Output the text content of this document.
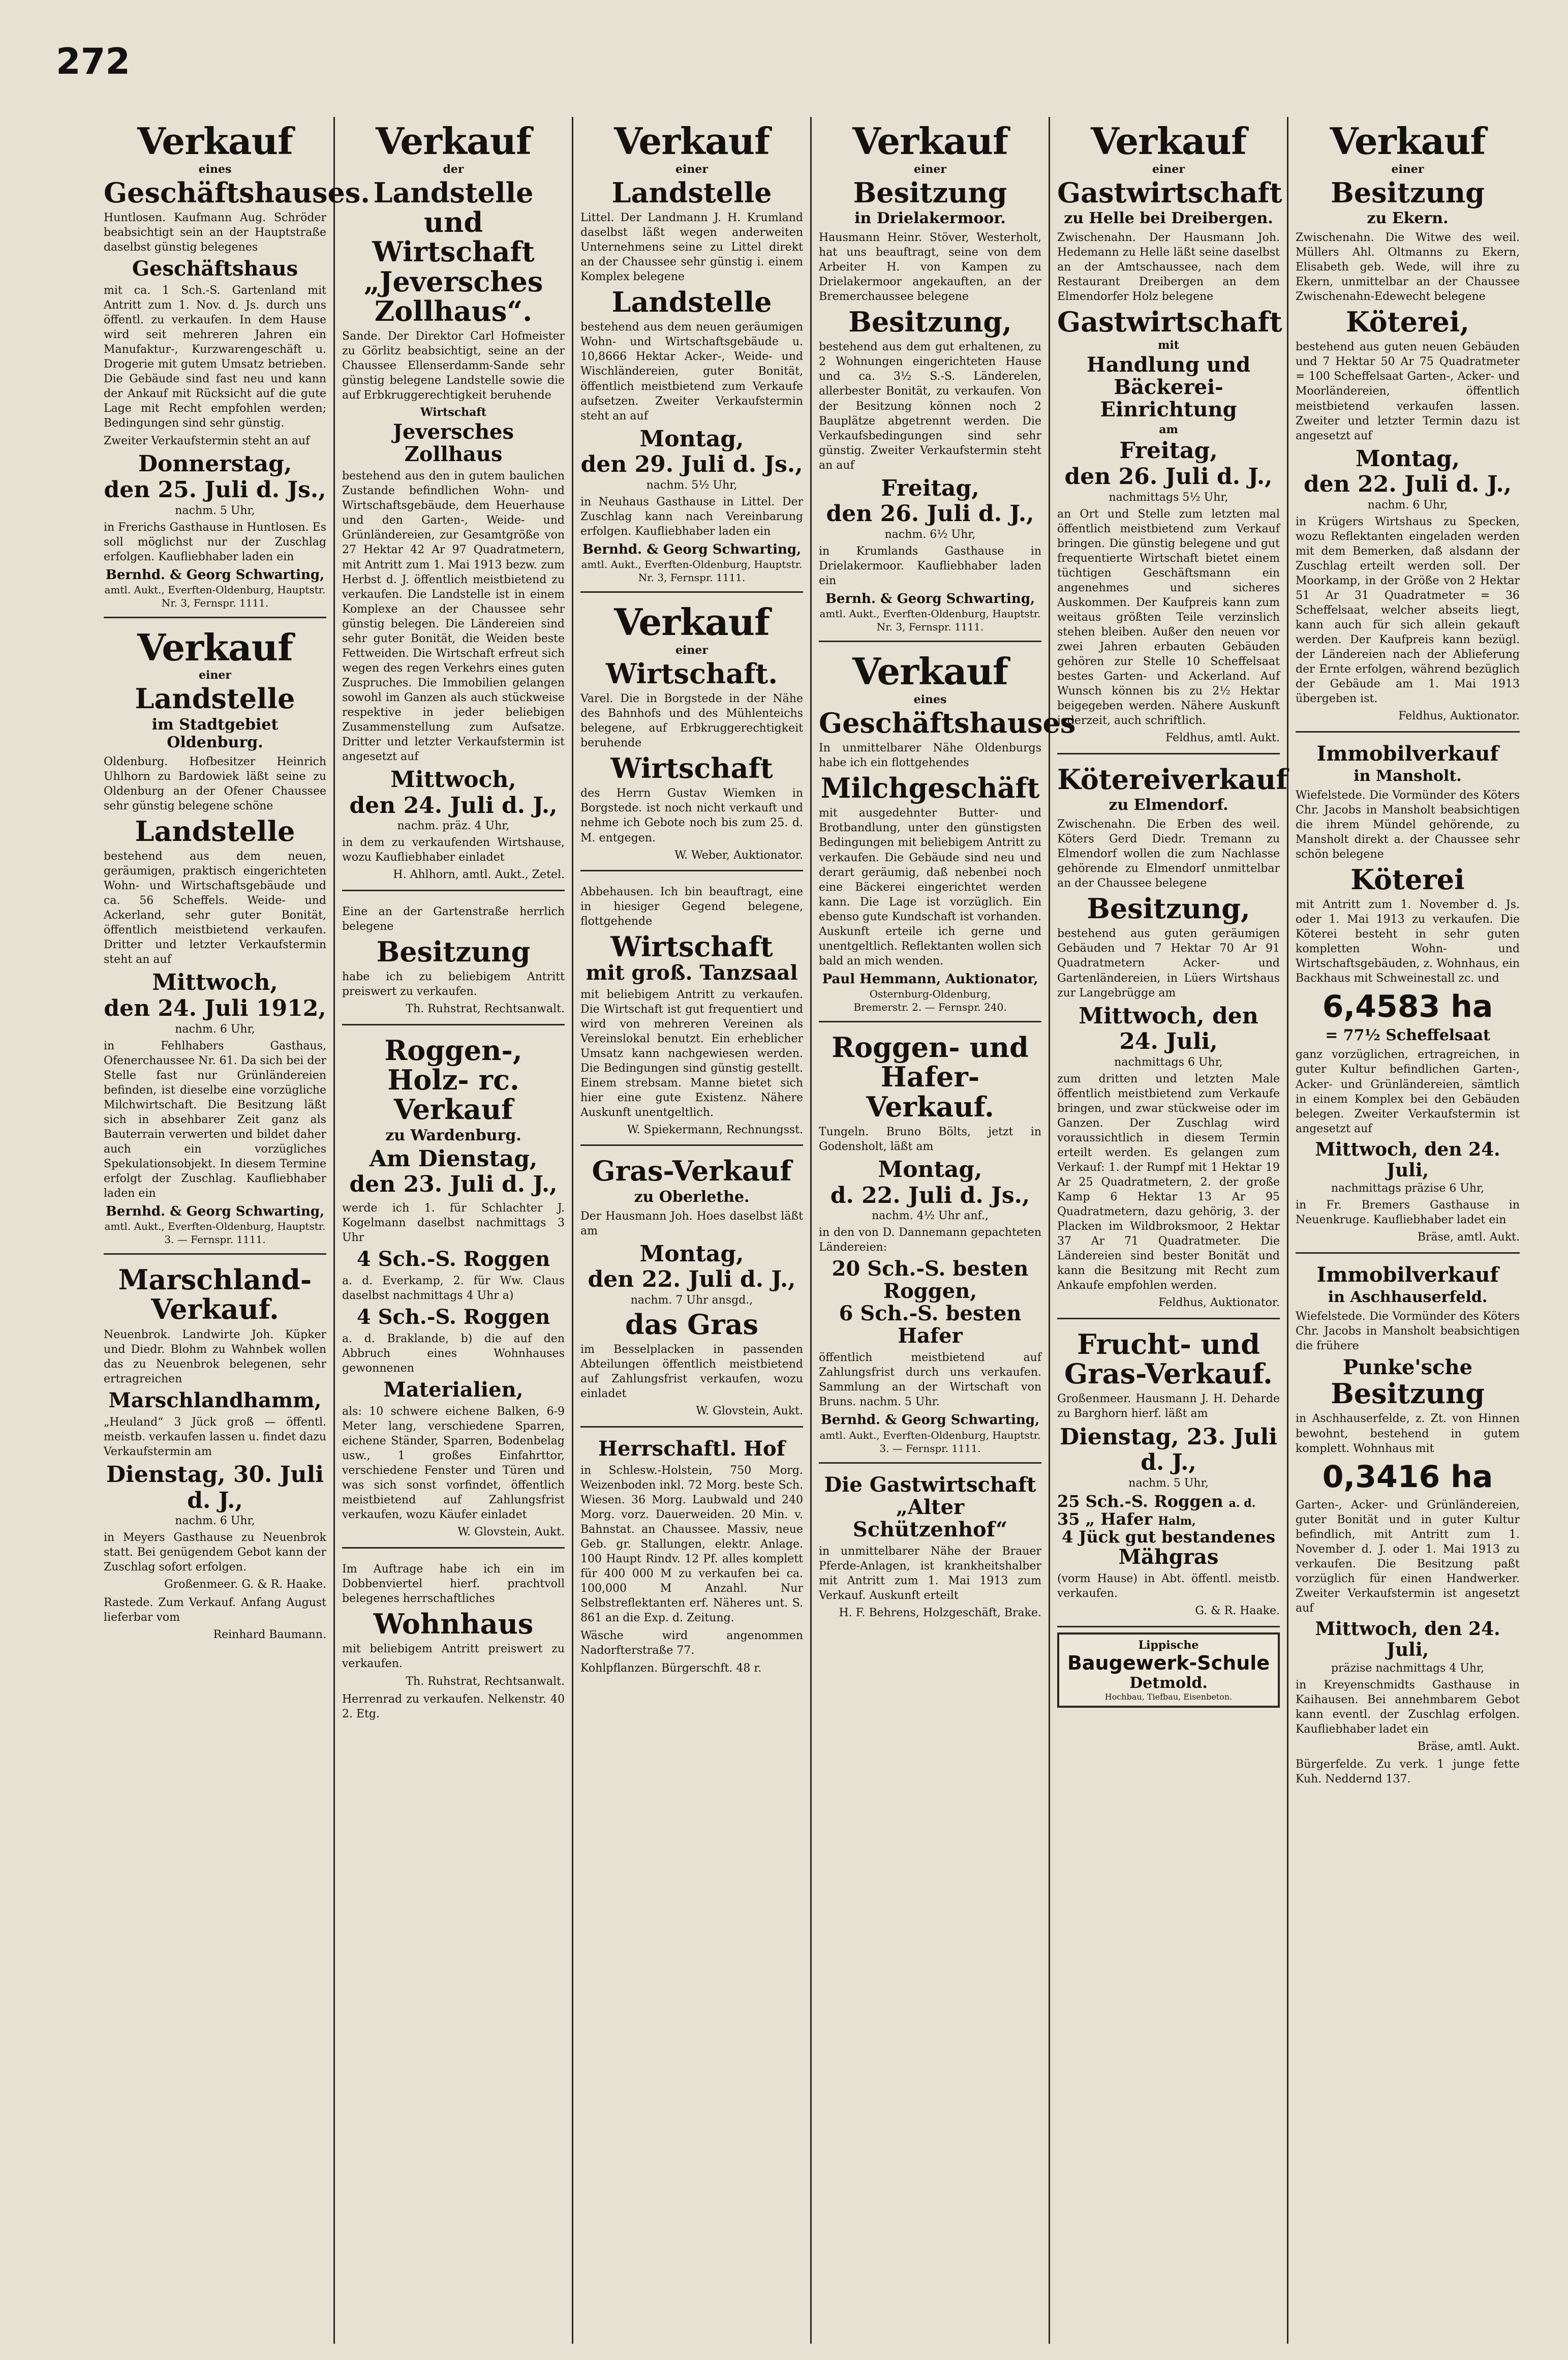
272
Verkauf
eines
Geschäftshauses.
Huntlosen. Kaufmann Aug. Schröder beabsichtigt sein an der Hauptstraße daselbst günstig belegenes
Geschäftshaus
mit ca. 1 Sch.-S. Gartenland mit Antritt zum 1. Nov. d. Js. durch uns öffentl. zu verkaufen. In dem Hause wird seit mehreren Jahren ein Manufaktur-, Kurzwarengeschäft u. Drogerie mit gutem Umsatz betrieben. Die Gebäude sind fast neu und kann der Ankauf mit Rücksicht auf die gute Lage mit Recht empfohlen werden; Bedingungen sind sehr günstig.
Zweiter Verkaufstermin steht an auf
Donnerstag,
den 25. Juli d. Js.,
nachm. 5 Uhr,
in Frerichs Gasthause in Huntlosen. Es soll möglichst nur der Zuschlag erfolgen. Kaufliebhaber laden ein
Bernhd. & Georg Schwarting,
amtl. Aukt., Everften-Oldenburg, Hauptstr. Nr. 3, Fernspr. 1111.
Verkauf
einer
Landstelle
im Stadtgebiet Oldenburg.
Oldenburg. Hofbesitzer Heinrich Uhlhorn zu Bardowiek läßt seine zu Oldenburg an der Ofener Chaussee sehr günstig belegene schöne
Landstelle
bestehend aus dem neuen, geräumigen, praktisch eingerichteten Wohn- und Wirtschaftsgebäude und ca. 56 Scheffels. Weide- und Ackerland, sehr guter Bonität, öffentlich meistbietend verkaufen. Dritter und letzter Verkaufstermin steht an auf
Mittwoch,
den 24. Juli 1912,
nachm. 6 Uhr,
in Fehlhabers Gasthaus, Ofenerchaussee Nr. 61. Da sich bei der Stelle fast nur Grünländereien befinden, ist dieselbe eine vorzügliche Milchwirtschaft. Die Besitzung läßt sich in absehbarer Zeit ganz als Bauterrain verwerten und bildet daher auch ein vorzügliches Spekulationsobjekt. In diesem Termine erfolgt der Zuschlag. Kaufliebhaber laden ein
Bernhd. & Georg Schwarting,
amtl. Aukt., Everften-Oldenburg, Hauptstr. 3. — Fernspr. 1111.
Marschland-
Verkauf.
Neuenbrok. Landwirte Joh. Küpker und Diedr. Blohm zu Wahnbek wollen das zu Neuenbrok belegenen, sehr ertragreichen
Marschlandhamm,
„Heuland“ 3 Jück groß — öffentl. meistb. verkaufen lassen u. findet dazu Verkaufstermin am
Dienstag, 30. Juli d. J.,
nachm. 6 Uhr,
in Meyers Gasthause zu Neuenbrok statt. Bei genügendem Gebot kann der Zuschlag sofort erfolgen.
Großenmeer. G. & R. Haake.
Rastede. Zum Verkauf. Anfang August lieferbar vom
Reinhard Baumann.
Verkauf
der
Landstelle und
Wirtschaft
„Jeversches
Zollhaus“.
Sande. Der Direktor Carl Hofmeister zu Görlitz beabsichtigt, seine an der Chaussee Ellenserdamm-Sande sehr günstig belegene Landstelle sowie die auf Erbkruggerechtigkeit beruhende
Wirtschaft
Jeversches Zollhaus
bestehend aus den in gutem baulichen Zustande befindlichen Wohn- und Wirtschaftsgebäude, dem Heuerhause und den Garten-, Weide- und Grünländereien, zur Gesamtgröße von 27 Hektar 42 Ar 97 Quadratmetern, mit Antritt zum 1. Mai 1913 bezw. zum Herbst d. J. öffentlich meistbietend zu verkaufen. Die Landstelle ist in einem Komplexe an der Chaussee sehr günstig belegen. Die Ländereien sind sehr guter Bonität, die Weiden beste Fettweiden. Die Wirtschaft erfreut sich wegen des regen Verkehrs eines guten Zuspruches. Die Immobilien gelangen sowohl im Ganzen als auch stückweise respektive in jeder beliebigen Zusammenstellung zum Aufsatze. Dritter und letzter Verkaufstermin ist angesetzt auf
Mittwoch,
den 24. Juli d. J.,
nachm. präz. 4 Uhr,
in dem zu verkaufenden Wirtshause, wozu Kaufliebhaber einladet
H. Ahlhorn, amtl. Aukt., Zetel.
Eine an der Gartenstraße herrlich belegene
Besitzung
habe ich zu beliebigem Antritt preiswert zu verkaufen.
Th. Ruhstrat, Rechtsanwalt.
Roggen-,
Holz- rc. Verkauf
zu Wardenburg.
Am Dienstag,
den 23. Juli d. J.,
werde ich 1. für Schlachter J. Kogelmann daselbst nachmittags 3 Uhr
4 Sch.-S. Roggen
a. d. Everkamp, 2. für Ww. Claus daselbst nachmittags 4 Uhr a)
4 Sch.-S. Roggen
a. d. Braklande, b) die auf den Abbruch eines Wohnhauses gewonnenen
Materialien,
als: 10 schwere eichene Balken, 6-9 Meter lang, verschiedene Sparren, eichene Ständer, Sparren, Bodenbelag usw., 1 großes Einfahrttor, verschiedene Fenster und Türen und was sich sonst vorfindet, öffentlich meistbietend auf Zahlungsfrist verkaufen, wozu Käufer einladet
W. Glovstein, Aukt.
Im Auftrage habe ich ein im Dobbenviertel hierf. prachtvoll belegenes herrschaftliches
Wohnhaus
mit beliebigem Antritt preiswert zu verkaufen.
Th. Ruhstrat, Rechtsanwalt.
Herrenrad zu verkaufen. Nelkenstr. 40 2. Etg.
Verkauf
einer
Landstelle
Littel. Der Landmann J. H. Krumland daselbst läßt wegen anderweiten Unternehmens seine zu Littel direkt an der Chaussee sehr günstig i. einem Komplex belegene
Landstelle
bestehend aus dem neuen geräumigen Wohn- und Wirtschaftsgebäude u. 10,8666 Hektar Acker-, Weide- und Wischländereien, guter Bonität, öffentlich meistbietend zum Verkaufe aufsetzen. Zweiter Verkaufstermin steht an auf
Montag,
den 29. Juli d. Js.,
nachm. 5½ Uhr,
in Neuhaus Gasthause in Littel. Der Zuschlag kann nach Vereinbarung erfolgen. Kaufliebhaber laden ein
Bernhd. & Georg Schwarting,
amtl. Aukt., Everften-Oldenburg, Hauptstr. Nr. 3, Fernspr. 1111.
Verkauf
einer
Wirtschaft.
Varel. Die in Borgstede in der Nähe des Bahnhofs und des Mühlenteichs belegene, auf Erbkruggerechtigkeit beruhende
Wirtschaft
des Herrn Gustav Wiemken in Borgstede. ist noch nicht verkauft und nehme ich Gebote noch bis zum 25. d. M. entgegen.
W. Weber, Auktionator.
Abbehausen. Ich bin beauftragt, eine in hiesiger Gegend belegene, flottgehende
Wirtschaft
mit groß. Tanzsaal
mit beliebigem Antritt zu verkaufen. Die Wirtschaft ist gut frequentiert und wird von mehreren Vereinen als Vereinslokal benutzt. Ein erheblicher Umsatz kann nachgewiesen werden. Die Bedingungen sind günstig gestellt. Einem strebsam. Manne bietet sich hier eine gute Existenz. Nähere Auskunft unentgeltlich.
W. Spiekermann, Rechnungsst.
Gras-Verkauf
zu Oberlethe.
Der Hausmann Joh. Hoes daselbst läßt am
Montag,
den 22. Juli d. J.,
nachm. 7 Uhr ansgd.,
das Gras
im Besselplacken in passenden Abteilungen öffentlich meistbietend auf Zahlungsfrist verkaufen, wozu einladet
W. Glovstein, Aukt.
Herrschaftl. Hof
in Schlesw.-Holstein, 750 Morg. Weizenboden inkl. 72 Morg. beste Sch. Wiesen. 36 Morg. Laubwald und 240 Morg. vorz. Dauerweiden. 20 Min. v. Bahnstat. an Chaussee. Massiv, neue Geb. gr. Stallungen, elektr. Anlage. 100 Haupt Rindv. 12 Pf. alles komplett für 400 000 M zu verkaufen bei ca. 100,000 M Anzahl. Nur Selbstreflektanten erf. Näheres unt. S. 861 an die Exp. d. Zeitung.
Wäsche wird angenommen Nadorfterstraße 77.
Kohlpflanzen. Bürgerschft. 48 r.
Verkauf
einer
Besitzung
in Drielakermoor.
Hausmann Heinr. Stöver, Westerholt, hat uns beauftragt, seine von dem Arbeiter H. von Kampen zu Drielakermoor angekauften, an der Bremerchaussee belegene
Besitzung,
bestehend aus dem gut erhaltenen, zu 2 Wohnungen eingerichteten Hause und ca. 3½ S.-S. Länderelen, allerbester Bonität, zu verkaufen. Von der Besitzung können noch 2 Bauplätze abgetrennt werden. Die Verkaufsbedingungen sind sehr günstig. Zweiter Verkaufstermin steht an auf
Freitag,
den 26. Juli d. J.,
nachm. 6½ Uhr,
in Krumlands Gasthause in Drielakermoor. Kaufliebhaber laden ein
Bernh. & Georg Schwarting,
amtl. Aukt., Everften-Oldenburg, Hauptstr. Nr. 3, Fernspr. 1111.
Verkauf
eines
Geschäftshauses
In unmittelbarer Nähe Oldenburgs habe ich ein flottgehendes
Milchgeschäft
mit ausgedehnter Butter- und Brotbandlung, unter den günstigsten Bedingungen mit beliebigem Antritt zu verkaufen. Die Gebäude sind neu und derart geräumig, daß nebenbei noch eine Bäckerei eingerichtet werden kann. Die Lage ist vorzüglich. Ein ebenso gute Kundschaft ist vorhanden. Auskunft erteile ich gerne und unentgeltlich. Reflektanten wollen sich bald an mich wenden.
Paul Hemmann, Auktionator,
Osternburg-Oldenburg,
Bremerstr. 2. — Fernspr. 240.
Roggen- und
Hafer-Verkauf.
Tungeln. Bruno Bölts, jetzt in Godensholt, läßt am
Montag,
d. 22. Juli d. Js.,
nachm. 4½ Uhr anf.,
in den von D. Dannemann gepachteten Ländereien:
20 Sch.-S. besten
Roggen,
6 Sch.-S. besten
Hafer
öffentlich meistbietend auf Zahlungsfrist durch uns verkaufen. Sammlung an der Wirtschaft von Bruns. nachm. 5 Uhr.
Bernhd. & Georg Schwarting,
amtl. Aukt., Everften-Oldenburg, Hauptstr. 3. — Fernspr. 1111.
Die Gastwirtschaft
„Alter Schützenhof“
in unmittelbarer Nähe der Brauer Pferde-Anlagen, ist krankheitshalber mit Antritt zum 1. Mai 1913 zum Verkauf. Auskunft erteilt
H. F. Behrens, Holzgeschäft, Brake.
Verkauf
einer
Gastwirtschaft
zu Helle bei Dreibergen.
Zwischenahn. Der Hausmann Joh. Hedemann zu Helle läßt seine daselbst an der Amtschaussee, nach dem Restaurant Dreibergen an dem Elmendorfer Holz belegene
Gastwirtschaft
mit
Handlung und
Bäckerei-Einrichtung
am
Freitag,
den 26. Juli d. J.,
nachmittags 5½ Uhr,
an Ort und Stelle zum letzten mal öffentlich meistbietend zum Verkauf bringen. Die günstig belegene und gut frequentierte Wirtschaft bietet einem tüchtigen Geschäftsmann ein angenehmes und sicheres Auskommen. Der Kaufpreis kann zum weitaus größten Teile verzinslich stehen bleiben. Außer den neuen vor zwei Jahren erbauten Gebäuden gehören zur Stelle 10 Scheffelsaat bestes Garten- und Ackerland. Auf Wunsch können bis zu 2½ Hektar beigegeben werden. Nähere Auskunft jederzeit, auch schriftlich.
Feldhus, amtl. Aukt.
Kötereiverkauf
zu Elmendorf.
Zwischenahn. Die Erben des weil. Köters Gerd Diedr. Tremann zu Elmendorf wollen die zum Nachlasse gehörende zu Elmendorf unmittelbar an der Chaussee belegene
Besitzung,
bestehend aus guten geräumigen Gebäuden und 7 Hektar 70 Ar 91 Quadratmetern Acker- und Gartenländereien, in Lüers Wirtshaus zur Langebrügge am
Mittwoch, den 24. Juli,
nachmittags 6 Uhr,
zum dritten und letzten Male öffentlich meistbietend zum Verkaufe bringen, und zwar stückweise oder im Ganzen. Der Zuschlag wird voraussichtlich in diesem Termin erteilt werden. Es gelangen zum Verkauf: 1. der Rumpf mit 1 Hektar 19 Ar 25 Quadratmetern, 2. der große Kamp 6 Hektar 13 Ar 95 Quadratmetern, dazu gehörig, 3. der Placken im Wildbroksmoor, 2 Hektar 37 Ar 71 Quadratmeter. Die Ländereien sind bester Bonität und kann die Besitzung mit Recht zum Ankaufe empfohlen werden.
Feldhus, Auktionator.
Frucht- und
Gras-Verkauf.
Großenmeer. Hausmann J. H. Deharde zu Barghorn hierf. läßt am
Dienstag, 23. Juli d. J.,
nachm. 5 Uhr,
25 Sch.-S. Roggen a. d.
35 „ Hafer Halm,
4 Jück gut bestandenes
Mähgras
(vorm Hause) in Abt. öffentl. meistb. verkaufen.
G. & R. Haake.
Lippische
Baugewerk-Schule
Detmold.
Hochbau, Tiefbau, Eisenbeton.
Verkauf
einer
Besitzung
zu Ekern.
Zwischenahn. Die Witwe des weil. Müllers Ahl. Oltmanns zu Ekern, Elisabeth geb. Wede, will ihre zu Ekern, unmittelbar an der Chaussee Zwischenahn-Edewecht belegene
Köterei,
bestehend aus guten neuen Gebäuden und 7 Hektar 50 Ar 75 Quadratmeter = 100 Scheffelsaat Garten-, Acker- und Moorländereien, öffentlich meistbietend verkaufen lassen. Zweiter und letzter Termin dazu ist angesetzt auf
Montag,
den 22. Juli d. J.,
nachm. 6 Uhr,
in Krügers Wirtshaus zu Specken, wozu Reflektanten eingeladen werden mit dem Bemerken, daß alsdann der Zuschlag erteilt werden soll. Der Moorkamp, in der Größe von 2 Hektar 51 Ar 31 Quadratmeter = 36 Scheffelsaat, welcher abseits liegt, kann auch für sich allein gekauft werden. Der Kaufpreis kann bezügl. der Ländereien nach der Ablieferung der Ernte erfolgen, während bezüglich der Gebäude am 1. Mai 1913 übergeben ist.
Feldhus, Auktionator.
Immobilverkauf
in Mansholt.
Wiefelstede. Die Vormünder des Köters Chr. Jacobs in Mansholt beabsichtigen die ihrem Mündel gehörende, zu Mansholt direkt a. der Chaussee sehr schön belegene
Köterei
mit Antritt zum 1. November d. Js. oder 1. Mai 1913 zu verkaufen. Die Köterei besteht in sehr guten kompletten Wohn- und Wirtschaftsgebäuden, z. Wohnhaus, ein Backhaus mit Schweinestall zc. und
6,4583 ha
= 77½ Scheffelsaat
ganz vorzüglichen, ertragreichen, in guter Kultur befindlichen Garten-, Acker- und Grünländereien, sämtlich in einem Komplex bei den Gebäuden belegen. Zweiter Verkaufstermin ist angesetzt auf
Mittwoch, den 24. Juli,
nachmittags präzise 6 Uhr,
in Fr. Bremers Gasthause in Neuenkruge. Kaufliebhaber ladet ein
Bräse, amtl. Aukt.
Immobilverkauf
in Aschhauserfeld.
Wiefelstede. Die Vormünder des Köters Chr. Jacobs in Mansholt beabsichtigen die frühere
Punke'sche
Besitzung
in Aschhauserfelde, z. Zt. von Hinnen bewohnt, bestehend in gutem komplett. Wohnhaus mit
0,3416 ha
Garten-, Acker- und Grünländereien, guter Bonität und in guter Kultur befindlich, mit Antritt zum 1. November d. J. oder 1. Mai 1913 zu verkaufen. Die Besitzung paßt vorzüglich für einen Handwerker. Zweiter Verkaufstermin ist angesetzt auf
Mittwoch, den 24. Juli,
präzise nachmittags 4 Uhr,
in Kreyenschmidts Gasthause in Kaihausen. Bei annehmbarem Gebot kann eventl. der Zuschlag erfolgen. Kaufliebhaber ladet ein
Bräse, amtl. Aukt.
Bürgerfelde. Zu verk. 1 junge fette Kuh. Neddernd 137.
